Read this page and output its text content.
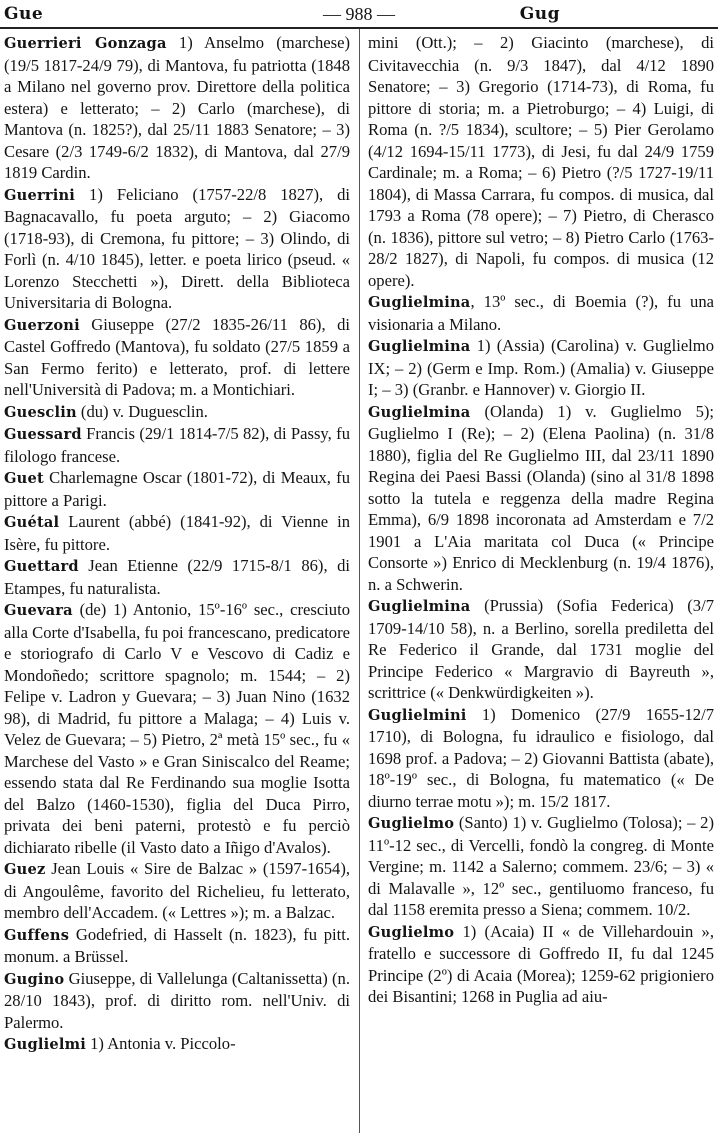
Gue	— 988 —	Gug

Guerrieri Gonzaga 1) Anselmo (marchese) (19/5 1817-24/9 79), di Mantova, fu patriotta (1848 a Milano nel governo prov. Direttore della politica estera) e letterato; – 2) Carlo (marchese), di Mantova (n. 1825?), dal 25/11 1883 Senatore; – 3) Cesare (2/3 1749-6/2 1832), di Mantova, dal 27/9 1819 Cardin.

Guerrini 1) Feliciano (1757-22/8 1827), di Bagnacavallo, fu poeta arguto; – 2) Giacomo (1718-93), di Cremona, fu pittore; – 3) Olindo, di Forlì (n. 4/10 1845), letter. e poeta lirico (pseud. « Lorenzo Stecchetti »), Dirett. della Biblioteca Universitaria di Bologna.

Guerzoni Giuseppe (27/2 1835-26/11 86), di Castel Goffredo (Mantova), fu soldato (27/5 1859 a San Fermo ferito) e letterato, prof. di lettere nell'Università di Padova; m. a Montichiari.

Guesclin (du) v. Duguesclin.

Guessard Francis (29/1 1814-7/5 82), di Passy, fu filologo francese.

Guet Charlemagne Oscar (1801-72), di Meaux, fu pittore a Parigi.

Guétal Laurent (abbé) (1841-92), di Vienne in Isère, fu pittore.

Guettard Jean Etienne (22/9 1715-8/1 86), di Etampes, fu naturalista.

Guevara (de) 1) Antonio, 15º-16º sec., cresciuto alla Corte d'Isabella, fu poi francescano, predicatore e storiografo di Carlo V e Vescovo di Cadiz e Mondoñedo; scrittore spagnolo; m. 1544; – 2) Felipe v. Ladron y Guevara; – 3) Juan Nino (1632 98), di Madrid, fu pittore a Malaga; – 4) Luis v. Velez de Guevara; – 5) Pietro, 2ª metà 15º sec., fu « Marchese del Vasto » e Gran Siniscalco del Reame; essendo stata dal Re Ferdinando sua moglie Isotta del Balzo (1460-1530), figlia del Duca Pirro, privata dei beni paterni, protestò e fu perciò dichiarato ribelle (il Vasto dato a Iñigo d'Avalos).

Guez Jean Louis « Sire de Balzac » (1597-1654), di Angoulême, favorito del Richelieu, fu letterato, membro dell'Accadem. (« Lettres »); m. a Balzac.

Guffens Godefried, di Hasselt (n. 1823), fu pitt. monum. a Brüssel.

Gugino Giuseppe, di Vallelunga (Caltanissetta) (n. 28/10 1843), prof. di diritto rom. nell'Univ. di Palermo.

Guglielmi 1) Antonia v. Piccolo-

mini (Ott.); – 2) Giacinto (marchese), di Civitavecchia (n. 9/3 1847), dal 4/12 1890 Senatore; – 3) Gregorio (1714-73), di Roma, fu pittore di storia; m. a Pietroburgo; – 4) Luigi, di Roma (n. ?/5 1834), scultore; – 5) Pier Gerolamo (4/12 1694-15/11 1773), di Jesi, fu dal 24/9 1759 Cardinale; m. a Roma; – 6) Pietro (?/5 1727-19/11 1804), di Massa Carrara, fu compos. di musica, dal 1793 a Roma (78 opere); – 7) Pietro, di Cherasco (n. 1836), pittore sul vetro; – 8) Pietro Carlo (1763-28/2 1827), di Napoli, fu compos. di musica (12 opere).

Guglielmina, 13º sec., di Boemia (?), fu una visionaria a Milano.

Guglielmina 1) (Assia) (Carolina) v. Guglielmo IX; – 2) (Germ e Imp. Rom.) (Amalia) v. Giuseppe I; – 3) (Granbr. e Hannover) v. Giorgio II.

Guglielmina (Olanda) 1) v. Guglielmo 5); Guglielmo I (Re); – 2) (Elena Paolina) (n. 31/8 1880), figlia del Re Guglielmo III, dal 23/11 1890 Regina dei Paesi Bassi (Olanda) (sino al 31/8 1898 sotto la tutela e reggenza della madre Regina Emma), 6/9 1898 incoronata ad Amsterdam e 7/2 1901 a L'Aia maritata col Duca (« Principe Consorte ») Enrico di Mecklenburg (n. 19/4 1876), n. a Schwerin.

Guglielmina (Prussia) (Sofia Federica) (3/7 1709-14/10 58), n. a Berlino, sorella prediletta del Re Federico il Grande, dal 1731 moglie del Principe Federico « Margravio di Bayreuth », scrittrice (« Denkwürdigkeiten »).

Guglielmini 1) Domenico (27/9 1655-12/7 1710), di Bologna, fu idraulico e fisiologo, dal 1698 prof. a Padova; – 2) Giovanni Battista (abate), 18º-19º sec., di Bologna, fu matematico (« De diurno terrae motu »); m. 15/2 1817.

Guglielmo (Santo) 1) v. Guglielmo (Tolosa); – 2) 11º-12 sec., di Vercelli, fondò la congreg. di Monte Vergine; m. 1142 a Salerno; commem. 23/6; – 3) « di Malavalle », 12º sec., gentiluomo franceso, fu dal 1158 eremita presso a Siena; commem. 10/2.

Guglielmo 1) (Acaia) II « de Villehardouin », fratello e successore di Goffredo II, fu dal 1245 Principe (2º) di Acaia (Morea); 1259-62 prigioniero dei Bisantini; 1268 in Puglia ad aiu-
